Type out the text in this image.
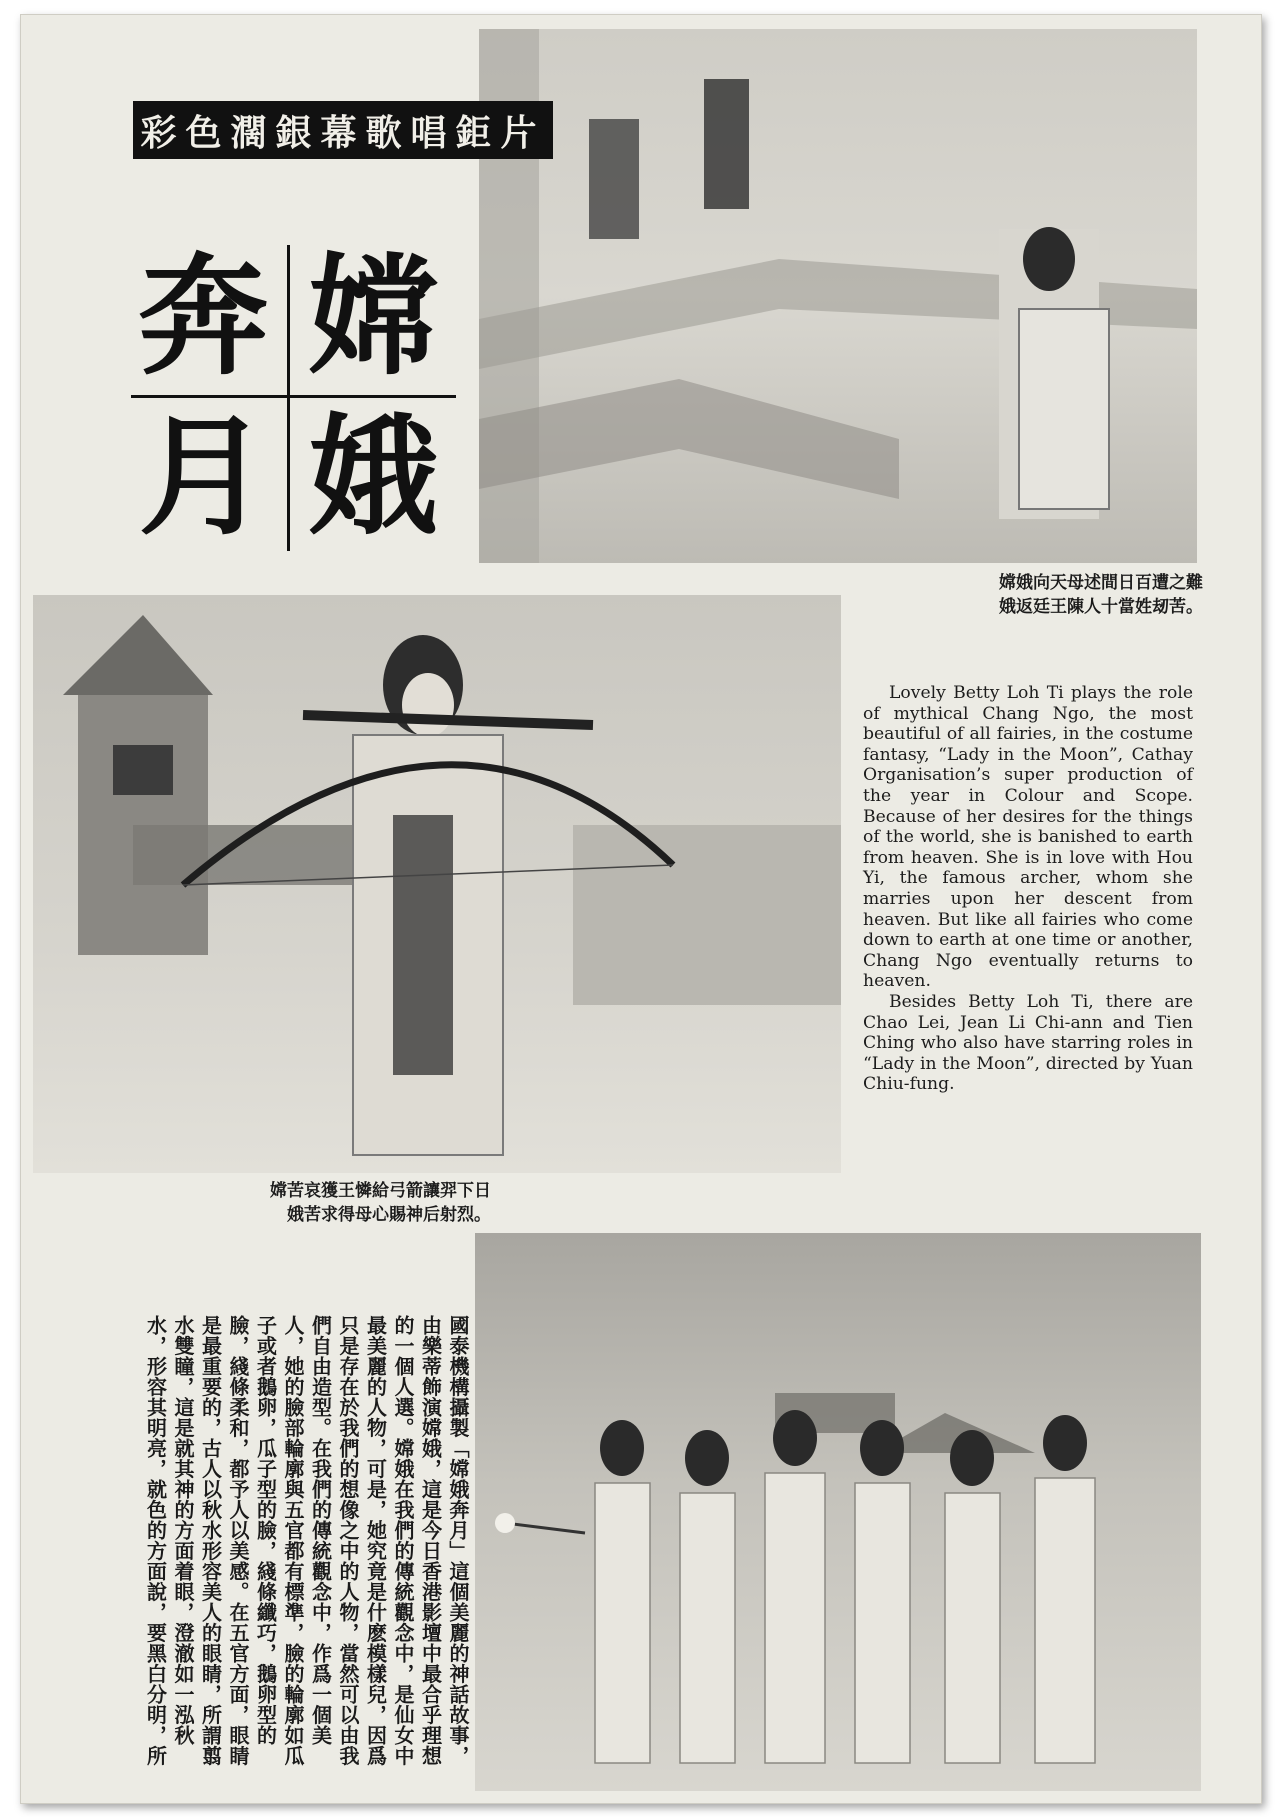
彩色濶銀幕歌唱鉅片
嫦
娥
奔
月
嫦娥向天母述間日百遭之難
娥返廷王陳人十當姓刼苦。

Lovely Betty Loh Ti plays the role of mythical Chang Ngo, the most beautiful of all fairies, in the costume fantasy, “Lady in the Moon”, Cathay Organisation’s super production of the year in Colour and Scope. Because of her desires for the things of the world, she is banished to earth from heaven. She is in love with Hou Yi, the famous archer, whom she marries upon her descent from heaven. But like all fairies who come down to earth at one time or another, Chang Ngo eventually returns to heaven.

Besides Betty Loh Ti, there are Chao Lei, Jean Li Chi-ann and Tien Ching who also have starring roles in “Lady in the Moon”, directed by Yuan Chiu-fung.

嫦苦哀獲王憐給弓箭讓羿下日
娥苦求得母心賜神后射烈。
國泰機構攝製「嫦娥奔月」這個美麗的神話故事，由樂蒂飾演嫦娥，這是今日香港影壇中最合乎理想的一個人選。嫦娥在我們的傳統觀念中，是仙女中最美麗的人物，可是，她究竟是什麽模樣兒，因爲只是存在於我們的想像之中的人物，當然可以由我們自由造型。在我們的傳統觀念中，作爲一個美人，她的臉部輪廓與五官都有標準，臉的輪廓如瓜子或者鵝卵，瓜子型的臉，綫條纖巧，鵝卵型的臉，綫條柔和，都予人以美感。在五官方面，眼睛是最重要的，古人以秋水形容美人的眼睛，所謂翦水雙瞳，這是就其神的方面着眼，澄澈如一泓秋水，形容其明亮，就色的方面說，要黑白分明，所
